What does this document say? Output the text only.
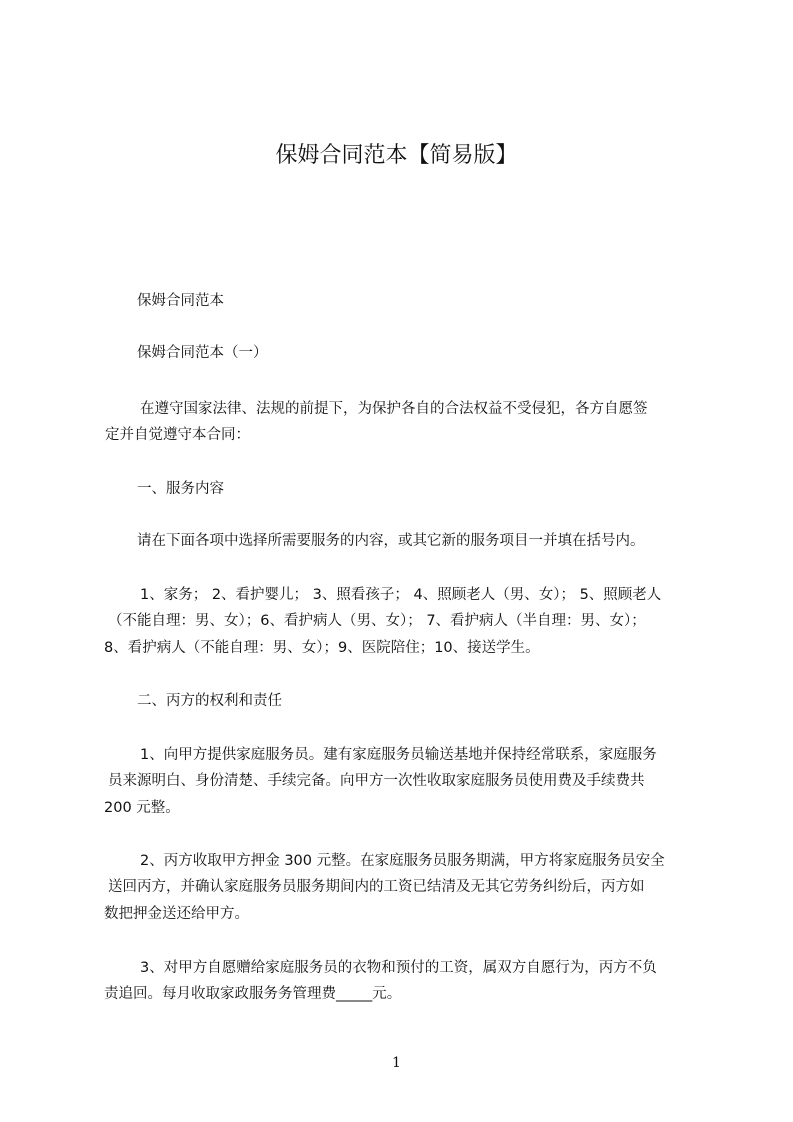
保姆合同范本【简易版】
保姆合同范本
保姆合同范本（一）
在遵守国家法律、法规的前提下，为保护各自的合法权益不受侵犯，各方自愿签
定并自觉遵守本合同：
一、服务内容
请在下面各项中选择所需要服务的内容，或其它新的服务项目一并填在括号内。
1、家务； 2、看护婴儿； 3、照看孩子； 4、照顾老人（男、女）； 5、照顾老人
（不能自理：男、女）；6、看护病人（男、女）； 7、看护病人（半自理：男、女）；
8、看护病人（不能自理：男、女）；9、医院陪住；10、接送学生。
二、丙方的权利和责任
1、向甲方提供家庭服务员。建有家庭服务员输送基地并保持经常联系，家庭服务
员来源明白、身份清楚、手续完备。向甲方一次性收取家庭服务员使用费及手续费共
200 元整。
2、丙方收取甲方押金 300 元整。在家庭服务员服务期满，甲方将家庭服务员安全
送回丙方，并确认家庭服务员服务期间内的工资已结清及无其它劳务纠纷后，丙方如
数把押金送还给甲方。
3、对甲方自愿赠给家庭服务员的衣物和预付的工资，属双方自愿行为，丙方不负
责追回。每月收取家政服务务管理费_____元。
1
